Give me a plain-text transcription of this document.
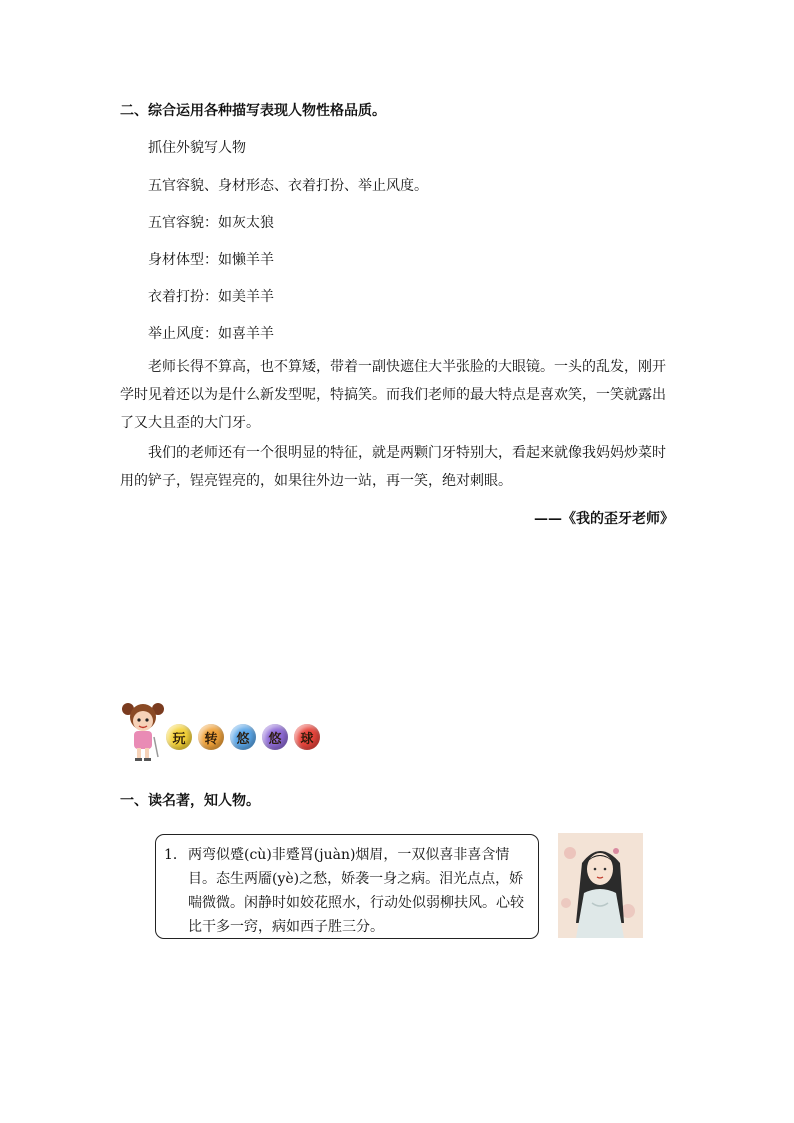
二、综合运用各种描写表现人物性格品质。
抓住外貌写人物
五官容貌、身材形态、衣着打扮、举止风度。
五官容貌：如灰太狼
身材体型：如懒羊羊
衣着打扮：如美羊羊
举止风度：如喜羊羊
老师长得不算高，也不算矮，带着一副快遮住大半张脸的大眼镜。一头的乱发，刚开学时见着还以为是什么新发型呢，特搞笑。而我们老师的最大特点是喜欢笑，一笑就露出了又大且歪的大门牙。
我们的老师还有一个很明显的特征，就是两颗门牙特别大，看起来就像我妈妈炒菜时用的铲子，锃亮锃亮的，如果往外边一站，再一笑，绝对刺眼。
——《我的歪牙老师》
玩 转 悠 悠 球
一、读名著，知人物。
1． 两弯似蹙(cù)非蹙罥(juàn)烟眉，一双似喜非喜含情目。态生两靥(yè)之愁，娇袭一身之病。泪光点点，娇喘微微。闲静时如姣花照水，行动处似弱柳扶风。心较比干多一窍，病如西子胜三分。
